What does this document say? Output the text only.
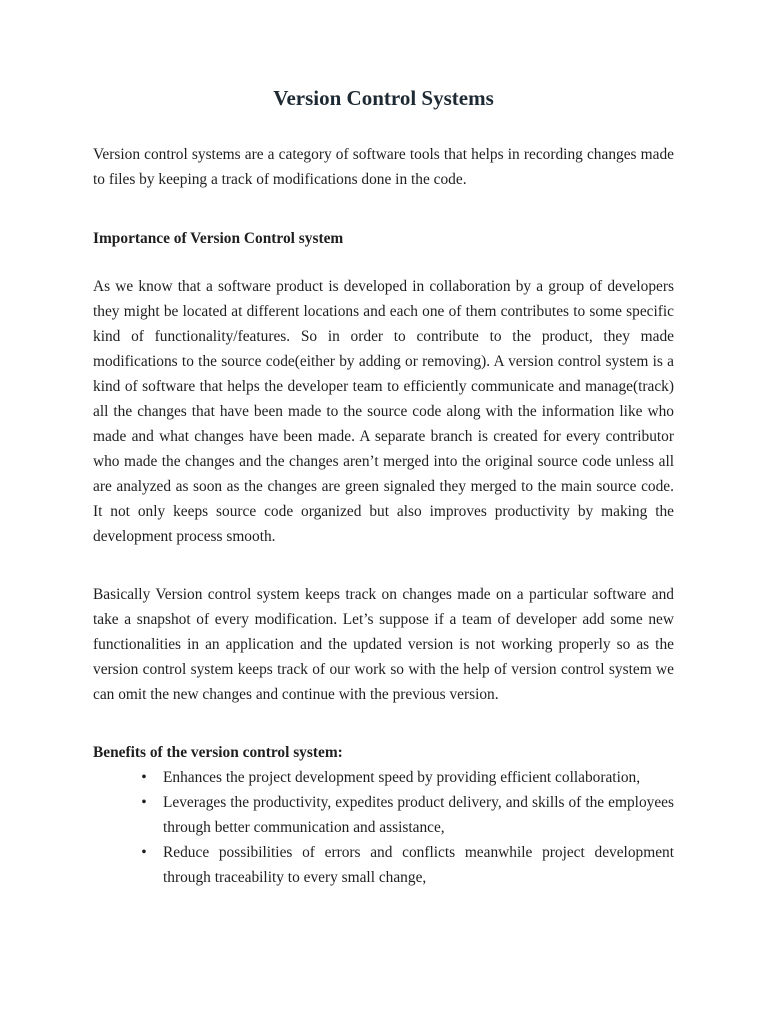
Version Control Systems

Version control systems are a category of software tools that helps in recording changes made to files by keeping a track of modifications done in the code.

Importance of Version Control system

As we know that a software product is developed in collaboration by a group of developers they might be located at different locations and each one of them contributes to some specific kind of functionality/features. So in order to contribute to the product, they made modifications to the source code(either by adding or removing). A version control system is a kind of software that helps the developer team to efficiently communicate and manage(track) all the changes that have been made to the source code along with the information like who made and what changes have been made. A separate branch is created for every contributor who made the changes and the changes aren’t merged into the original source code unless all are analyzed as soon as the changes are green signaled they merged to the main source code. It not only keeps source code organized but also improves productivity by making the development process smooth.

Basically Version control system keeps track on changes made on a particular software and take a snapshot of every modification. Let’s suppose if a team of developer add some new functionalities in an application and the updated version is not working properly so as the version control system keeps track of our work so with the help of version control system we can omit the new changes and continue with the previous version.

Benefits of the version control system:
• Enhances the project development speed by providing efficient collaboration,
• Leverages the productivity, expedites product delivery, and skills of the employees through better communication and assistance,
• Reduce possibilities of errors and conflicts meanwhile project development through traceability to every small change,
